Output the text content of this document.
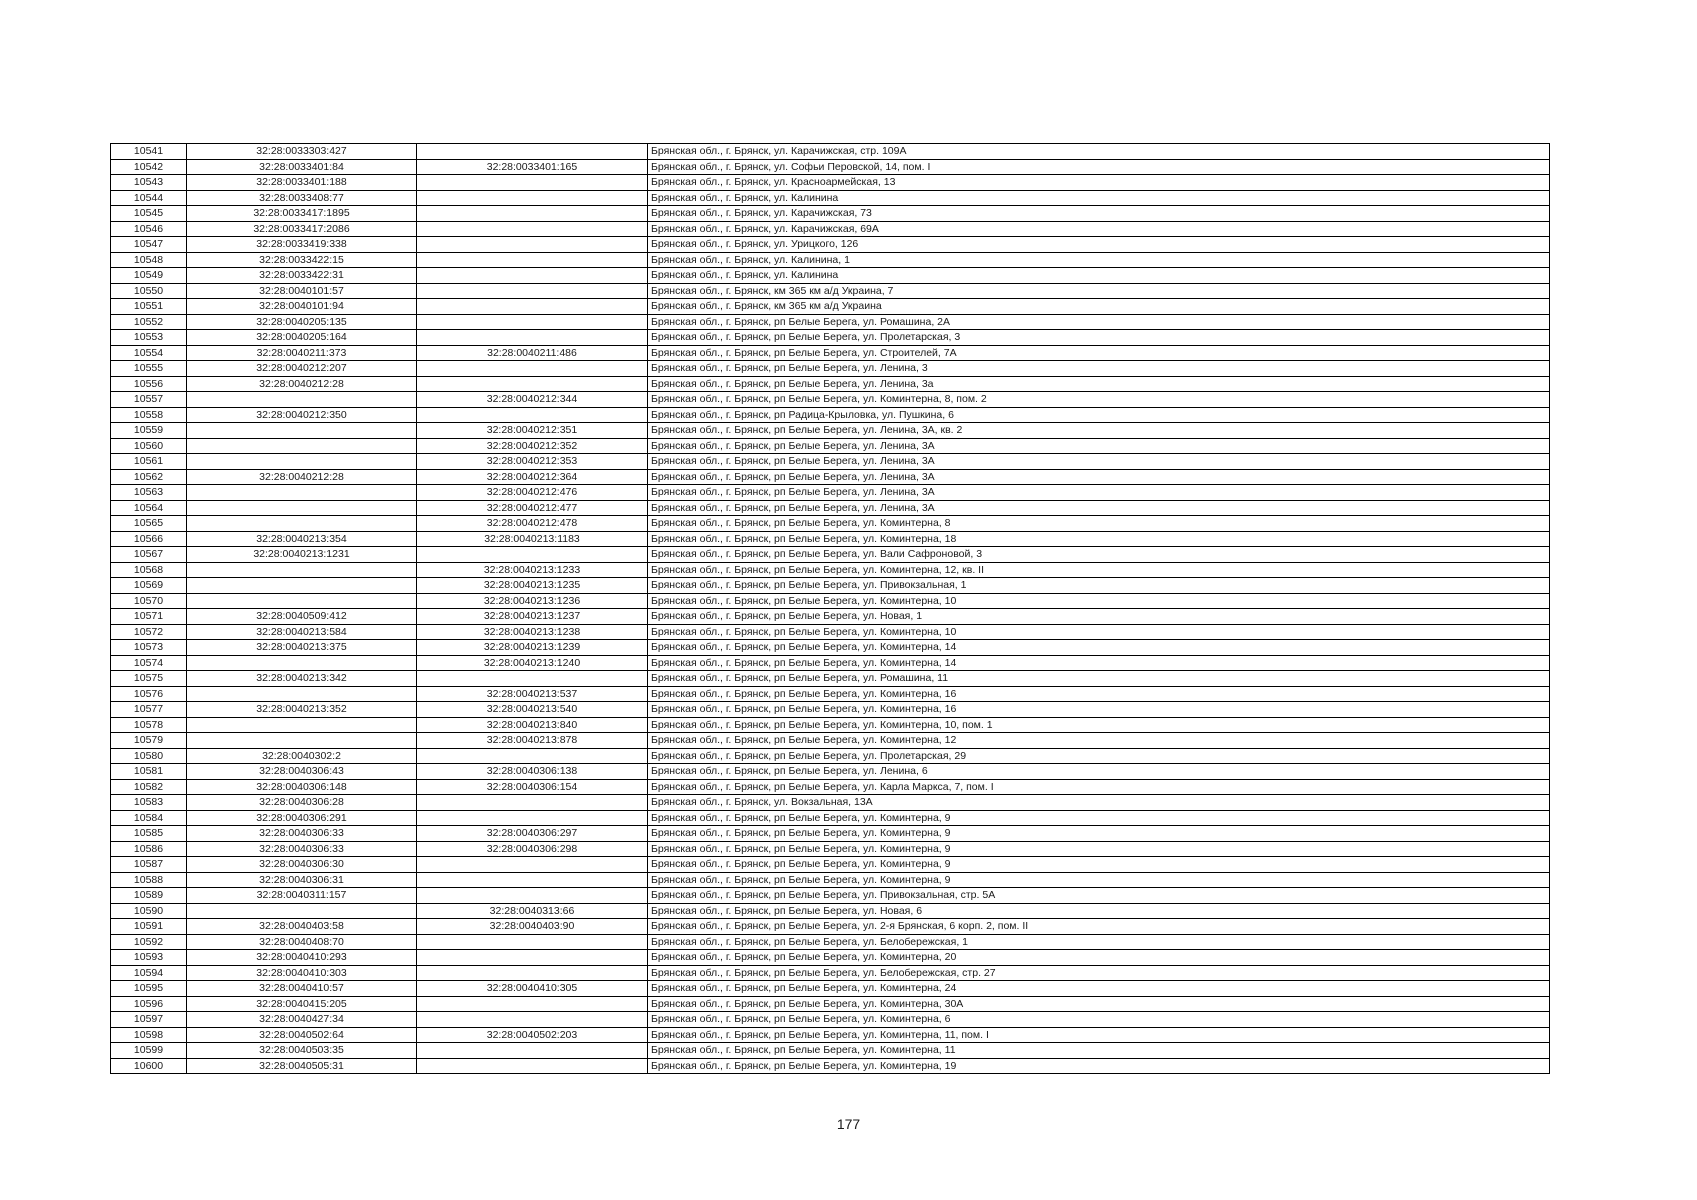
10541	32:28:0033303:427		Брянская обл., г. Брянск, ул. Карачижская, стр. 109А
10542	32:28:0033401:84	32:28:0033401:165	Брянская обл., г. Брянск, ул. Софьи Перовской, 14, пом. I
10543	32:28:0033401:188		Брянская обл., г. Брянск, ул. Красноармейская, 13
10544	32:28:0033408:77		Брянская обл., г. Брянск, ул. Калинина
10545	32:28:0033417:1895		Брянская обл., г. Брянск, ул. Карачижская, 73
10546	32:28:0033417:2086		Брянская обл., г. Брянск, ул. Карачижская, 69А
10547	32:28:0033419:338		Брянская обл., г. Брянск, ул. Урицкого, 126
10548	32:28:0033422:15		Брянская обл., г. Брянск, ул. Калинина, 1
10549	32:28:0033422:31		Брянская обл., г. Брянск, ул. Калинина
10550	32:28:0040101:57		Брянская обл., г. Брянск, км 365 км а/д Украина, 7
10551	32:28:0040101:94		Брянская обл., г. Брянск, км 365 км а/д Украина
10552	32:28:0040205:135		Брянская обл., г. Брянск, рп Белые Берега, ул. Ромашина, 2А
10553	32:28:0040205:164		Брянская обл., г. Брянск, рп Белые Берега, ул. Пролетарская, 3
10554	32:28:0040211:373	32:28:0040211:486	Брянская обл., г. Брянск, рп Белые Берега, ул. Строителей, 7А
10555	32:28:0040212:207		Брянская обл., г. Брянск, рп Белые Берега, ул. Ленина, 3
10556	32:28:0040212:28		Брянская обл., г. Брянск, рп Белые Берега, ул. Ленина, 3а
10557		32:28:0040212:344	Брянская обл., г. Брянск, рп Белые Берега, ул. Коминтерна, 8, пом. 2
10558	32:28:0040212:350		Брянская обл., г. Брянск, рп Радица-Крыловка, ул. Пушкина, 6
10559		32:28:0040212:351	Брянская обл., г. Брянск, рп Белые Берега, ул. Ленина, 3А, кв. 2
10560		32:28:0040212:352	Брянская обл., г. Брянск, рп Белые Берега, ул. Ленина, 3А
10561		32:28:0040212:353	Брянская обл., г. Брянск, рп Белые Берега, ул. Ленина, 3А
10562	32:28:0040212:28	32:28:0040212:364	Брянская обл., г. Брянск, рп Белые Берега, ул. Ленина, 3А
10563		32:28:0040212:476	Брянская обл., г. Брянск, рп Белые Берега, ул. Ленина, 3А
10564		32:28:0040212:477	Брянская обл., г. Брянск, рп Белые Берега, ул. Ленина, 3А
10565		32:28:0040212:478	Брянская обл., г. Брянск, рп Белые Берега, ул. Коминтерна, 8
10566	32:28:0040213:354	32:28:0040213:1183	Брянская обл., г. Брянск, рп Белые Берега, ул. Коминтерна, 18
10567	32:28:0040213:1231		Брянская обл., г. Брянск, рп Белые Берега, ул. Вали Сафроновой, 3
10568		32:28:0040213:1233	Брянская обл., г. Брянск, рп Белые Берега, ул. Коминтерна, 12, кв. II
10569		32:28:0040213:1235	Брянская обл., г. Брянск, рп Белые Берега, ул. Привокзальная, 1
10570		32:28:0040213:1236	Брянская обл., г. Брянск, рп Белые Берега, ул. Коминтерна, 10
10571	32:28:0040509:412	32:28:0040213:1237	Брянская обл., г. Брянск, рп Белые Берега, ул. Новая, 1
10572	32:28:0040213:584	32:28:0040213:1238	Брянская обл., г. Брянск, рп Белые Берега, ул. Коминтерна, 10
10573	32:28:0040213:375	32:28:0040213:1239	Брянская обл., г. Брянск, рп Белые Берега, ул. Коминтерна, 14
10574		32:28:0040213:1240	Брянская обл., г. Брянск, рп Белые Берега, ул. Коминтерна, 14
10575	32:28:0040213:342		Брянская обл., г. Брянск, рп Белые Берега, ул. Ромашина, 11
10576		32:28:0040213:537	Брянская обл., г. Брянск, рп Белые Берега, ул. Коминтерна, 16
10577	32:28:0040213:352	32:28:0040213:540	Брянская обл., г. Брянск, рп Белые Берега, ул. Коминтерна, 16
10578		32:28:0040213:840	Брянская обл., г. Брянск, рп Белые Берега, ул. Коминтерна, 10, пом. 1
10579		32:28:0040213:878	Брянская обл., г. Брянск, рп Белые Берега, ул. Коминтерна, 12
10580	32:28:0040302:2		Брянская обл., г. Брянск, рп Белые Берега, ул. Пролетарская, 29
10581	32:28:0040306:43	32:28:0040306:138	Брянская обл., г. Брянск, рп Белые Берега, ул. Ленина, 6
10582	32:28:0040306:148	32:28:0040306:154	Брянская обл., г. Брянск, рп Белые Берега, ул. Карла Маркса, 7, пом. I
10583	32:28:0040306:28		Брянская обл., г. Брянск, ул. Вокзальная, 13А
10584	32:28:0040306:291		Брянская обл., г. Брянск, рп Белые Берега, ул. Коминтерна, 9
10585	32:28:0040306:33	32:28:0040306:297	Брянская обл., г. Брянск, рп Белые Берега, ул. Коминтерна, 9
10586	32:28:0040306:33	32:28:0040306:298	Брянская обл., г. Брянск, рп Белые Берега, ул. Коминтерна, 9
10587	32:28:0040306:30		Брянская обл., г. Брянск, рп Белые Берега, ул. Коминтерна, 9
10588	32:28:0040306:31		Брянская обл., г. Брянск, рп Белые Берега, ул. Коминтерна, 9
10589	32:28:0040311:157		Брянская обл., г. Брянск, рп Белые Берега, ул. Привокзальная, стр. 5А
10590		32:28:0040313:66	Брянская обл., г. Брянск, рп Белые Берега, ул. Новая, 6
10591	32:28:0040403:58	32:28:0040403:90	Брянская обл., г. Брянск, рп Белые Берега, ул. 2-я Брянская, 6 корп. 2, пом. II
10592	32:28:0040408:70		Брянская обл., г. Брянск, рп Белые Берега, ул. Белобережская, 1
10593	32:28:0040410:293		Брянская обл., г. Брянск, рп Белые Берега, ул. Коминтерна, 20
10594	32:28:0040410:303		Брянская обл., г. Брянск, рп Белые Берега, ул. Белобережская, стр. 27
10595	32:28:0040410:57	32:28:0040410:305	Брянская обл., г. Брянск, рп Белые Берега, ул. Коминтерна, 24
10596	32:28:0040415:205		Брянская обл., г. Брянск, рп Белые Берега, ул. Коминтерна, 30А
10597	32:28:0040427:34		Брянская обл., г. Брянск, рп Белые Берега, ул. Коминтерна, 6
10598	32:28:0040502:64	32:28:0040502:203	Брянская обл., г. Брянск, рп Белые Берега, ул. Коминтерна, 11, пом. I
10599	32:28:0040503:35		Брянская обл., г. Брянск, рп Белые Берега, ул. Коминтерна, 11
10600	32:28:0040505:31		Брянская обл., г. Брянск, рп Белые Берега, ул. Коминтерна, 19
177
